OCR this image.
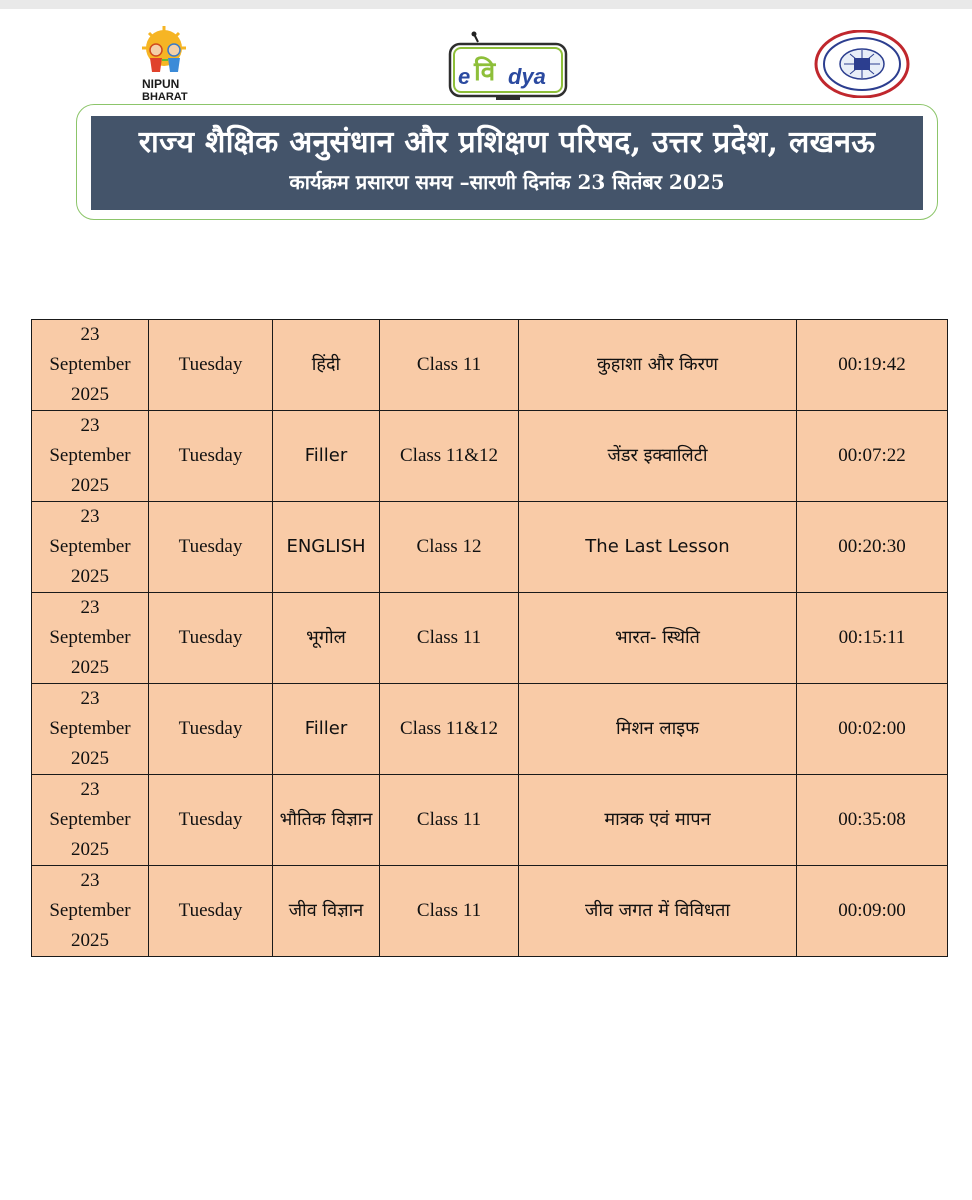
NIPUN
BHARAT
e वि dya
राज्य शैक्षिक अनुसंधान और प्रशिक्षण परिषद, उत्तर प्रदेश, लखनऊ
कार्यक्रम प्रसारण समय –सारणी दिनांक 23 सितंबर 2025
23
September
2025	Tuesday	हिंदी	Class 11	कुहाशा और किरण	00:19:42
23
September
2025	Tuesday	Filler	Class 11&12	जेंडर इक्वालिटी	00:07:22
23
September
2025	Tuesday	ENGLISH	Class 12	The Last Lesson	00:20:30
23
September
2025	Tuesday	भूगोल	Class 11	भारत- स्थिति	00:15:11
23
September
2025	Tuesday	Filler	Class 11&12	मिशन लाइफ	00:02:00
23
September
2025	Tuesday	भौतिक विज्ञान	Class 11	मात्रक एवं मापन	00:35:08
23
September
2025	Tuesday	जीव विज्ञान	Class 11	जीव जगत में विविधता	00:09:00
